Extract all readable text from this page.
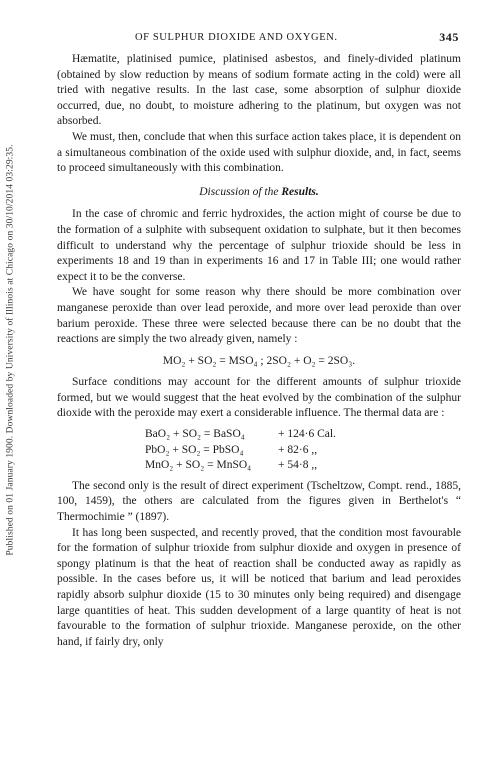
Published on 01 January 1900. Downloaded by University of Illinois at Chicago on 30/10/2014 03:29:35.
OF SULPHUR DIOXIDE AND OXYGEN.	345

Hæmatite, platinised pumice, platinised asbestos, and finely-divided platinum (obtained by slow reduction by means of sodium formate acting in the cold) were all tried with negative results. In the last case, some absorption of sulphur dioxide occurred, due, no doubt, to moisture adhering to the platinum, but oxygen was not absorbed.

We must, then, conclude that when this surface action takes place, it is dependent on a simultaneous combination of the oxide used with sulphur dioxide, and, in fact, seems to proceed simultaneously with this combination.

Discussion of the Results.

In the case of chromic and ferric hydroxides, the action might of course be due to the formation of a sulphite with subsequent oxidation to sulphate, but it then becomes difficult to understand why the percentage of sulphur trioxide should be less in experiments 18 and 19 than in experiments 16 and 17 in Table III; one would rather expect it to be the converse.

We have sought for some reason why there should be more combination over manganese peroxide than over lead peroxide, and more over lead peroxide than over barium peroxide. These three were selected because there can be no doubt that the reactions are simply the two already given, namely :

MO₂ + SO₂ = MSO₄ ; 2SO₂ + O₂ = 2SO₃.

Surface conditions may account for the different amounts of sulphur trioxide formed, but we would suggest that the heat evolved by the combination of the sulphur dioxide with the peroxide may exert a considerable influence. The thermal data are :

BaO₂ + SO₂ = BaSO₄	+ 124·6 Cal.
PbO₂ + SO₂ = PbSO₄	+ 82·6 ,,
MnO₂ + SO₂ = MnSO₄ + 54·8 ,,

The second only is the result of direct experiment (Tscheltzow, Compt. rend., 1885, 100, 1459), the others are calculated from the figures given in Berthelot's “ Thermochimie ” (1897).

It has long been suspected, and recently proved, that the condition most favourable for the formation of sulphur trioxide from sulphur dioxide and oxygen in presence of spongy platinum is that the heat of reaction shall be conducted away as rapidly as possible. In the cases before us, it will be noticed that barium and lead peroxides rapidly absorb sulphur dioxide (15 to 30 minutes only being required) and disengage large quantities of heat. This sudden development of a large quantity of heat is not favourable to the formation of sulphur trioxide. Manganese peroxide, on the other hand, if fairly dry, only
